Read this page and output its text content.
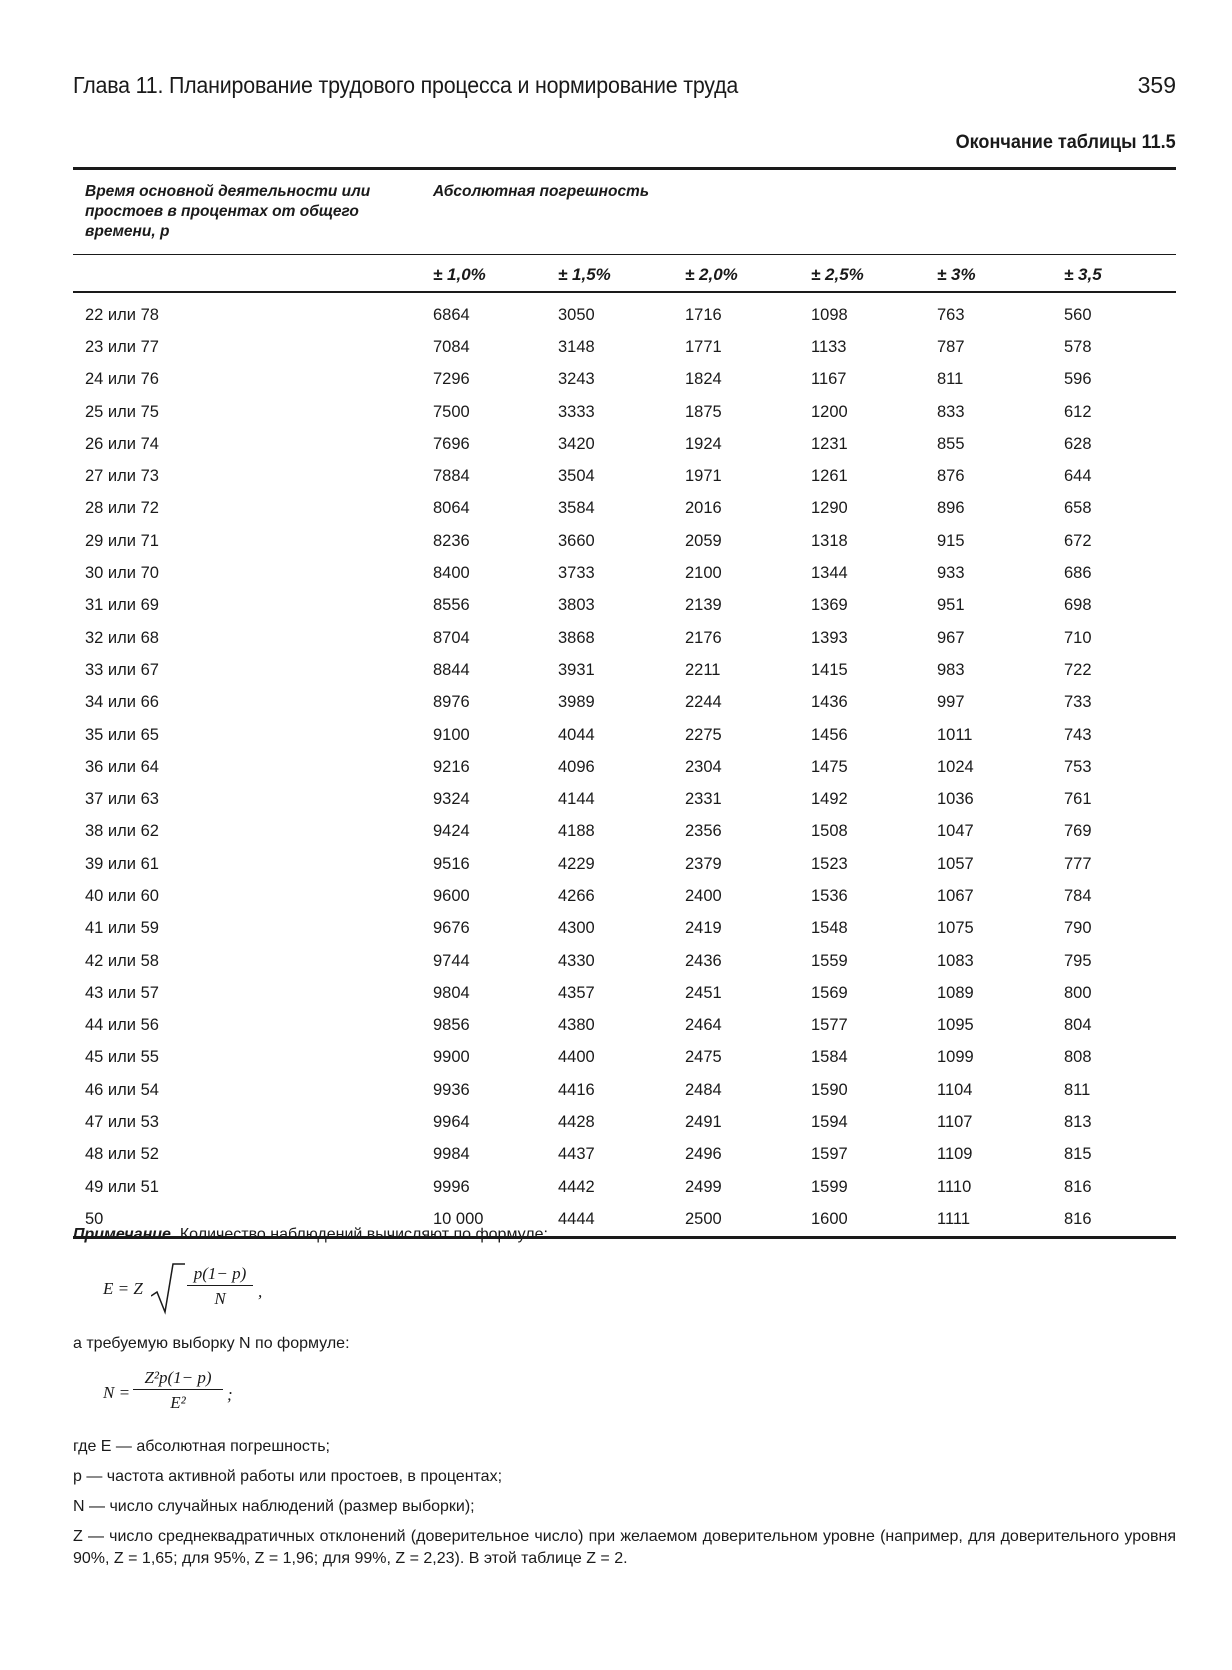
Глава 11. Планирование трудового процесса и нормирование труда	359
Окончание таблицы 11.5
Время основной деятельности или простоев в процентах от общего времени, p	Абсолютная погрешность					
	± 1,0%	± 1,5%	± 2,0%	± 2,5%	± 3%	± 3,5
22 или 78	6864	3050	1716	1098	763	560
23 или 77	7084	3148	1771	1133	787	578
24 или 76	7296	3243	1824	1167	811	596
25 или 75	7500	3333	1875	1200	833	612
26 или 74	7696	3420	1924	1231	855	628
27 или 73	7884	3504	1971	1261	876	644
28 или 72	8064	3584	2016	1290	896	658
29 или 71	8236	3660	2059	1318	915	672
30 или 70	8400	3733	2100	1344	933	686
31 или 69	8556	3803	2139	1369	951	698
32 или 68	8704	3868	2176	1393	967	710
33 или 67	8844	3931	2211	1415	983	722
34 или 66	8976	3989	2244	1436	997	733
35 или 65	9100	4044	2275	1456	1011	743
36 или 64	9216	4096	2304	1475	1024	753
37 или 63	9324	4144	2331	1492	1036	761
38 или 62	9424	4188	2356	1508	1047	769
39 или 61	9516	4229	2379	1523	1057	777
40 или 60	9600	4266	2400	1536	1067	784
41 или 59	9676	4300	2419	1548	1075	790
42 или 58	9744	4330	2436	1559	1083	795
43 или 57	9804	4357	2451	1569	1089	800
44 или 56	9856	4380	2464	1577	1095	804
45 или 55	9900	4400	2475	1584	1099	808
46 или 54	9936	4416	2484	1590	1104	811
47 или 53	9964	4428	2491	1594	1107	813
48 или 52	9984	4437	2496	1597	1109	815
49 или 51	9996	4442	2499	1599	1110	816
50	10 000	4444	2500	1600	1111	816
Примечание. Количество наблюдений вычисляют по формуле:
E = Z
p(1− p)
N	,
а требуемую выборку N по формуле:
N =
Z²p(1− p)
E²	;
где E — абсолютная погрешность;
p — частота активной работы или простоев, в процентах;
N — число случайных наблюдений (размер выборки);
Z — число среднеквадратичных отклонений (доверительное число) при желаемом доверительном уровне (например, для доверительного уровня 90%, Z = 1,65; для 95%, Z = 1,96; для 99%, Z = 2,23). В этой таблице Z = 2.
